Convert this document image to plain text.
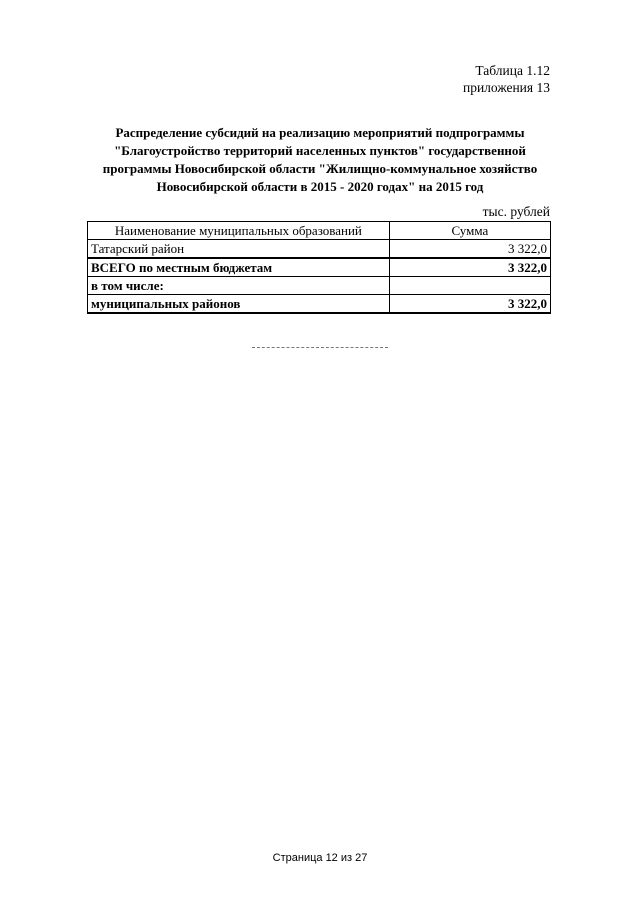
Таблица 1.12
приложения 13
Распределение субсидий на реализацию мероприятий подпрограммы "Благоустройство территорий населенных пунктов" государственной программы Новосибирской области "Жилищно-коммунальное хозяйство Новосибирской области в 2015 - 2020 годах" на 2015 год
тыс. рублей
Наименование муниципальных образований	Сумма
Татарский район	3 322,0
ВСЕГО по местным бюджетам	3 322,0
в том числе:	
муниципальных районов	3 322,0
Страница 12 из 27
